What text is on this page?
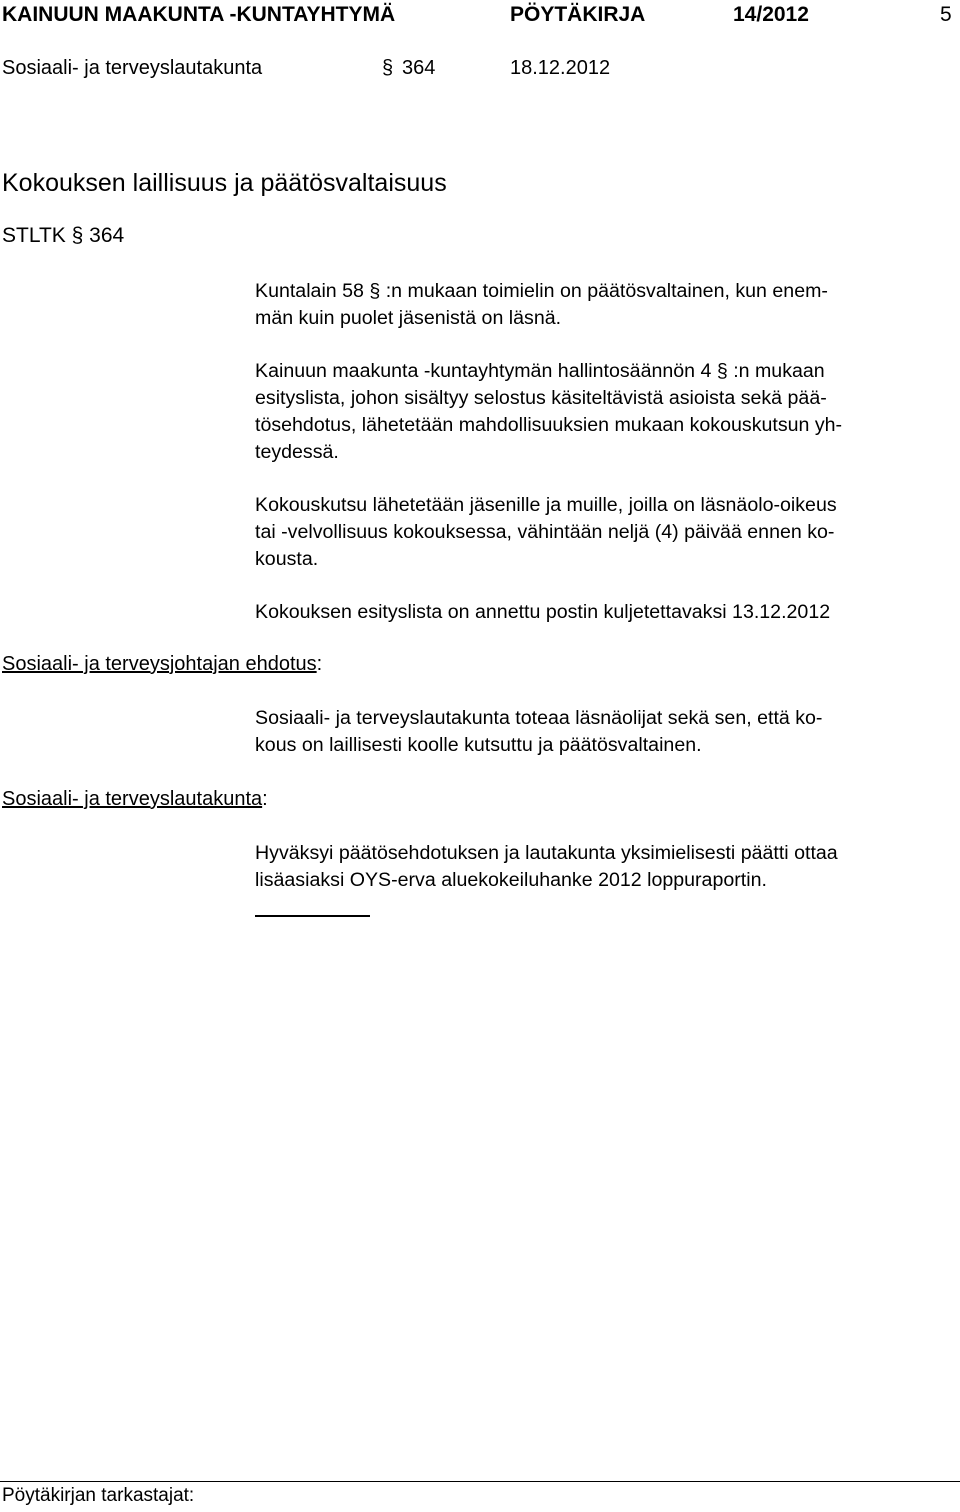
KAINUUN MAAKUNTA -KUNTAYHTYMÄ	PÖYTÄKIRJA	14/2012	5
Sosiaali- ja terveyslautakunta	§ 364	18.12.2012
Kokouksen laillisuus ja päätösvaltaisuus
STLTK § 364
Kuntalain 58 § :n mukaan toimielin on päätösvaltainen, kun enem-
män kuin puolet jäsenistä on läsnä.
Kainuun maakunta -kuntayhtymän hallintosäännön 4 § :n mukaan
esityslista, johon sisältyy selostus käsiteltävistä asioista sekä pää-
tösehdotus, lähetetään mahdollisuuksien mukaan kokouskutsun yh-
teydessä.
Kokouskutsu lähetetään jäsenille ja muille, joilla on läsnäolo-oikeus
tai -velvollisuus kokouksessa, vähintään neljä (4) päivää ennen ko-
kousta.
Kokouksen esityslista on annettu postin kuljetettavaksi 13.12.2012
Sosiaali- ja terveysjohtajan ehdotus:
Sosiaali- ja terveyslautakunta toteaa läsnäolijat sekä sen, että ko-
kous on laillisesti koolle kutsuttu ja päätösvaltainen.
Sosiaali- ja terveyslautakunta:
Hyväksyi päätösehdotuksen ja lautakunta yksimielisesti päätti ottaa
lisäasiaksi OYS-erva aluekokeiluhanke 2012 loppuraportin.
Pöytäkirjan tarkastajat:
